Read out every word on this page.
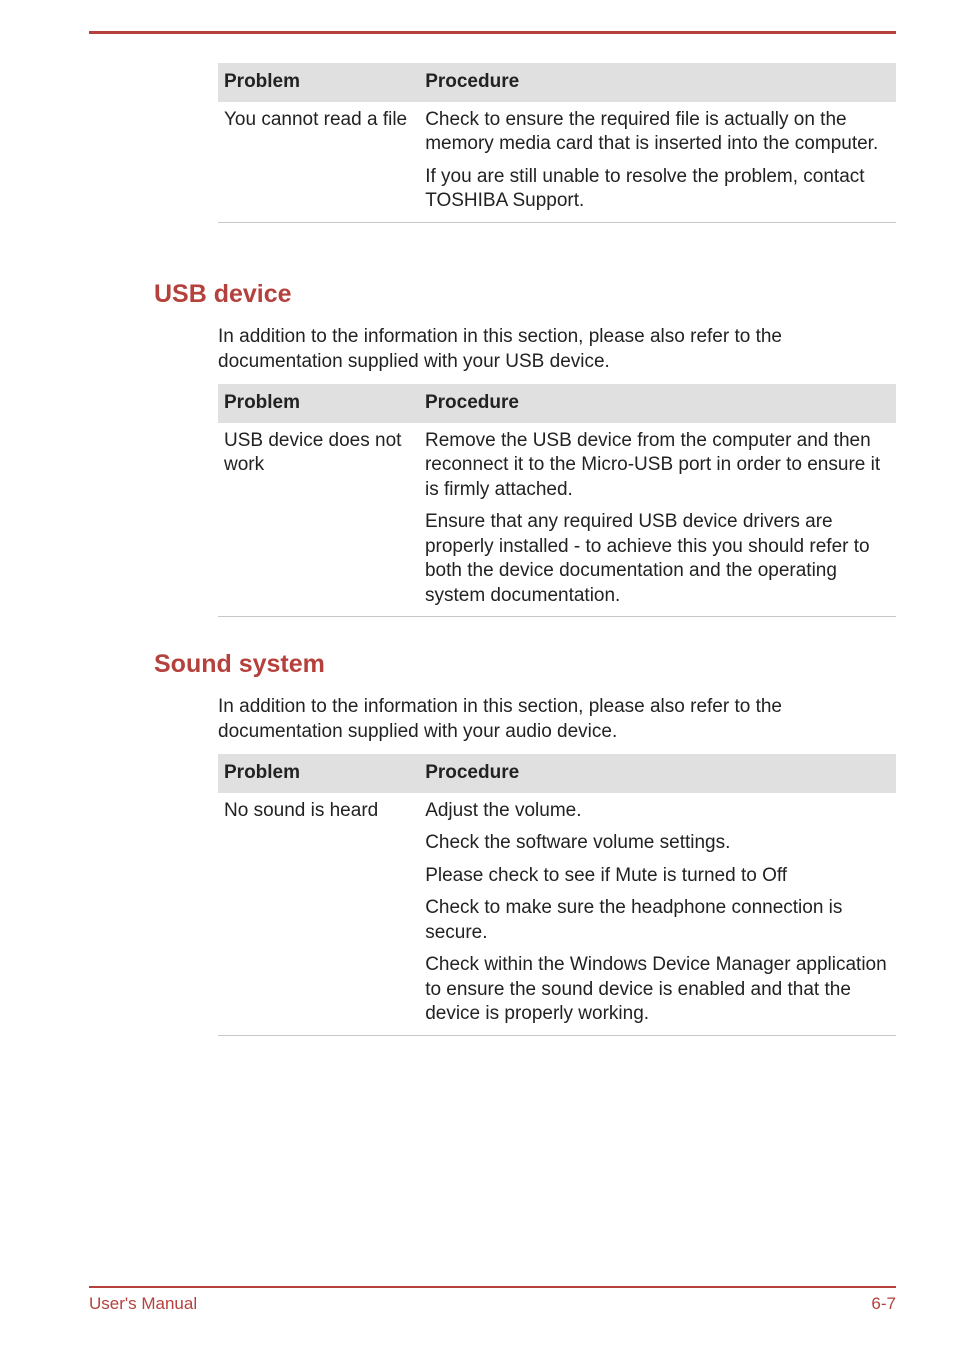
Problem	Procedure
You cannot read a file	Check to ensure the required file is actually on the memory media card that is inserted into the computer.

If you are still unable to resolve the problem, contact TOSHIBA Support.

USB device

In addition to the information in this section, please also refer to the documentation supplied with your USB device.

Problem	Procedure
USB device does not work	Remove the USB device from the computer and then reconnect it to the Micro-USB port in order to ensure it is firmly attached.

Ensure that any required USB device drivers are properly installed - to achieve this you should refer to both the device documentation and the operating system documentation.

Sound system

In addition to the information in this section, please also refer to the documentation supplied with your audio device.

Problem	Procedure
No sound is heard	Adjust the volume.

Check the software volume settings.

Please check to see if Mute is turned to Off

Check to make sure the headphone connection is secure.

Check within the Windows Device Manager application to ensure the sound device is enabled and that the device is properly working.

User's Manual	6-7
